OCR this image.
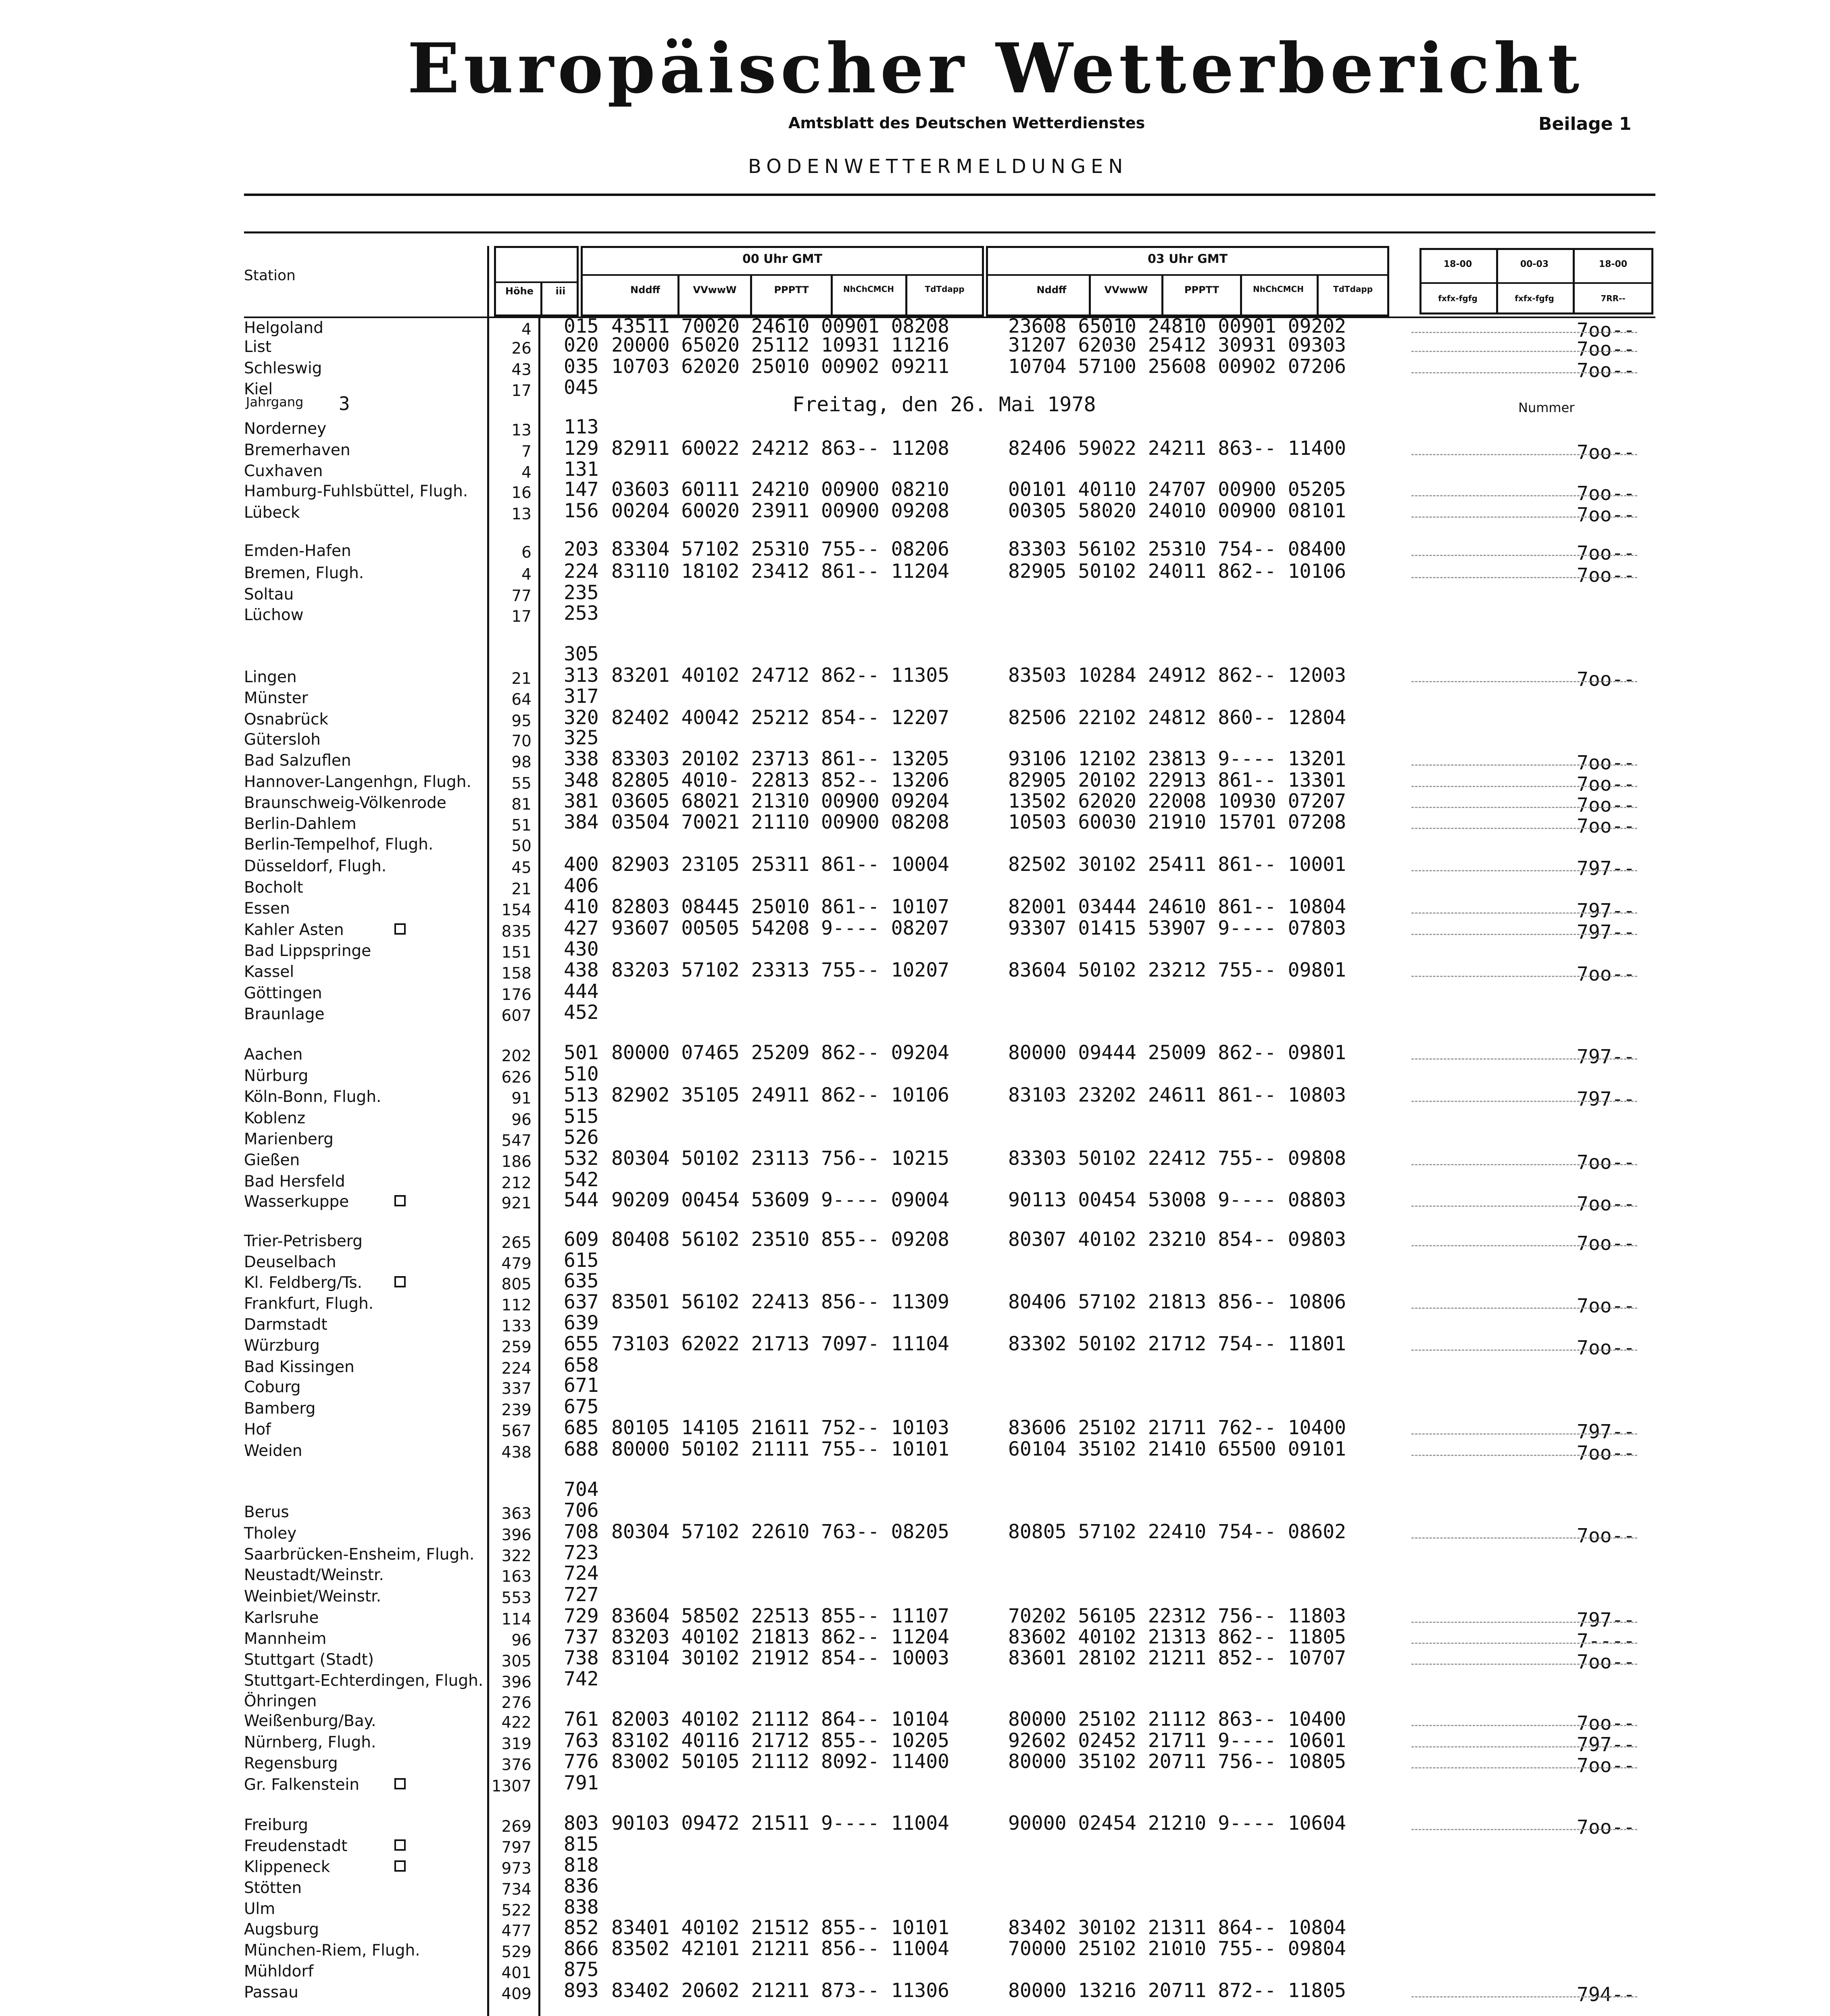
Europäischer Wetterbericht
Amtsblatt des Deutschen Wetterdienstes	Beilage 1
BODENWETTERMELDUNGEN
Jahrgang 3	Freitag, den 26. Mai 1978	Nummer
Station
Höhe	iii
00 Uhr GMT
Nddff	VVwwW	PPPTT	NhChCMCH	TdTdapp
03 Uhr GMT
Nddff	VVwwW	PPPTT	NhChCMCH	TdTdapp
18-00	00-03	18-00
fxfx-fgfg	fxfx-fgfg	7RR--
Helgoland	4 015 43511 70020 24610 00901 08208	23608 65010 24810 00901 09202	7oo--
List	26 020 20000 65020 25112 10931 11216	31207 62030 25412 30931 09303	7oo--
Schleswig	43 035 10703 62020 25010 00902 09211	10704 57100 25608 00902 07206	7oo--
Kiel	17 045
Norderney	13 113
Bremerhaven	7 129 82911 60022 24212 863-- 11208	82406 59022 24211 863-- 11400	7oo--
Cuxhaven	4 131
Hamburg-Fuhlsbüttel, Flugh.	16 147 03603 60111 24210 00900 08210	00101 40110 24707 00900 05205	7oo--
Lübeck	13 156 00204 60020 23911 00900 09208	00305 58020 24010 00900 08101	7oo--
Emden-Hafen	6 203 83304 57102 25310 755-- 08206	83303 56102 25310 754-- 08400	7oo--
Bremen, Flugh.	4 224 83110 18102 23412 861-- 11204	82905 50102 24011 862-- 10106	7oo--
Soltau	77 235
Lüchow	17 253
305
Lingen	21 313 83201 40102 24712 862-- 11305	83503 10284 24912 862-- 12003	7oo--
Münster	64 317
Osnabrück	95 320 82402 40042 25212 854-- 12207	82506 22102 24812 860-- 12804
Gütersloh	70 325
Bad Salzuflen	98 338 83303 20102 23713 861-- 13205	93106 12102 23813 9---- 13201	7oo--
Hannover-Langenhgn, Flugh.	55 348 82805 4010- 22813 852-- 13206	82905 20102 22913 861-- 13301	7oo--
Braunschweig-Völkenrode	81 381 03605 68021 21310 00900 09204	13502 62020 22008 10930 07207	7oo--
Berlin-Dahlem	51 384 03504 70021 21110 00900 08208	10503 60030 21910 15701 07208	7oo--
Berlin-Tempelhof, Flugh.	50
Düsseldorf, Flugh.	45 400 82903 23105 25311 861-- 10004	82502 30102 25411 861-- 10001	797--
Bocholt	21 406
Essen	154 410 82803 08445 25010 861-- 10107	82001 03444 24610 861-- 10804	797--
Kahler Asten	835 427 93607 00505 54208 9---- 08207	93307 01415 53907 9---- 07803	797--
Bad Lippspringe	151 430
Kassel	158 438 83203 57102 23313 755-- 10207	83604 50102 23212 755-- 09801	7oo--
Göttingen	176 444
Braunlage	607 452
Aachen	202 501 80000 07465 25209 862-- 09204	80000 09444 25009 862-- 09801	797--
Nürburg	626 510
Köln-Bonn, Flugh.	91 513 82902 35105 24911 862-- 10106	83103 23202 24611 861-- 10803	797--
Koblenz	96 515
Marienberg	547 526
Gießen	186 532 80304 50102 23113 756-- 10215	83303 50102 22412 755-- 09808	7oo--
Bad Hersfeld	212 542
Wasserkuppe	921 544 90209 00454 53609 9---- 09004	90113 00454 53008 9---- 08803	7oo--
Trier-Petrisberg	265 609 80408 56102 23510 855-- 09208	80307 40102 23210 854-- 09803	7oo--
Deuselbach	479 615
Kl. Feldberg/Ts.	805 635
Frankfurt, Flugh.	112 637 83501 56102 22413 856-- 11309	80406 57102 21813 856-- 10806	7oo--
Darmstadt	133 639
Würzburg	259 655 73103 62022 21713 7097- 11104	83302 50102 21712 754-- 11801	7oo--
Bad Kissingen	224 658
Coburg	337 671
Bamberg	239 675
Hof	567 685 80105 14105 21611 752-- 10103	83606 25102 21711 762-- 10400	797--
Weiden	438 688 80000 50102 21111 755-- 10101	60104 35102 21410 65500 09101	7oo--
704
Berus	363 706
Tholey	396 708 80304 57102 22610 763-- 08205	80805 57102 22410 754-- 08602	7oo--
Saarbrücken-Ensheim, Flugh.	322 723
Neustadt/Weinstr.	163 724
Weinbiet/Weinstr.	553 727
Karlsruhe	114 729 83604 58502 22513 855-- 11107	70202 56105 22312 756-- 11803	797--
Mannheim	96 737 83203 40102 21813 862-- 11204	83602 40102 21313 862-- 11805	7----
Stuttgart (Stadt)	305 738 83104 30102 21912 854-- 10003	83601 28102 21211 852-- 10707	7oo--
Stuttgart-Echterdingen, Flugh.	396 742
Öhringen	276
Weißenburg/Bay.	422 761 82003 40102 21112 864-- 10104	80000 25102 21112 863-- 10400	7oo--
Nürnberg, Flugh.	319 763 83102 40116 21712 855-- 10205	92602 02452 21711 9---- 10601	797--
Regensburg	376 776 83002 50105 21112 8092- 11400	80000 35102 20711 756-- 10805	7oo--
Gr. Falkenstein	1307 791
Freiburg	269 803 90103 09472 21511 9---- 11004	90000 02454 21210 9---- 10604	7oo--
Freudenstadt	797 815
Klippeneck	973 818
Stötten	734 836
Ulm	522 838
Augsburg	477 852 83401 40102 21512 855-- 10101	83402 30102 21311 864-- 10804
München-Riem, Flugh.	529 866 83502 42101 21211 856-- 11004	70000 25102 21010 755-- 09804
Mühldorf	401 875
Passau	409 893 83402 20602 21211 873-- 11306	80000 13216 20711 872-- 11805	794--
